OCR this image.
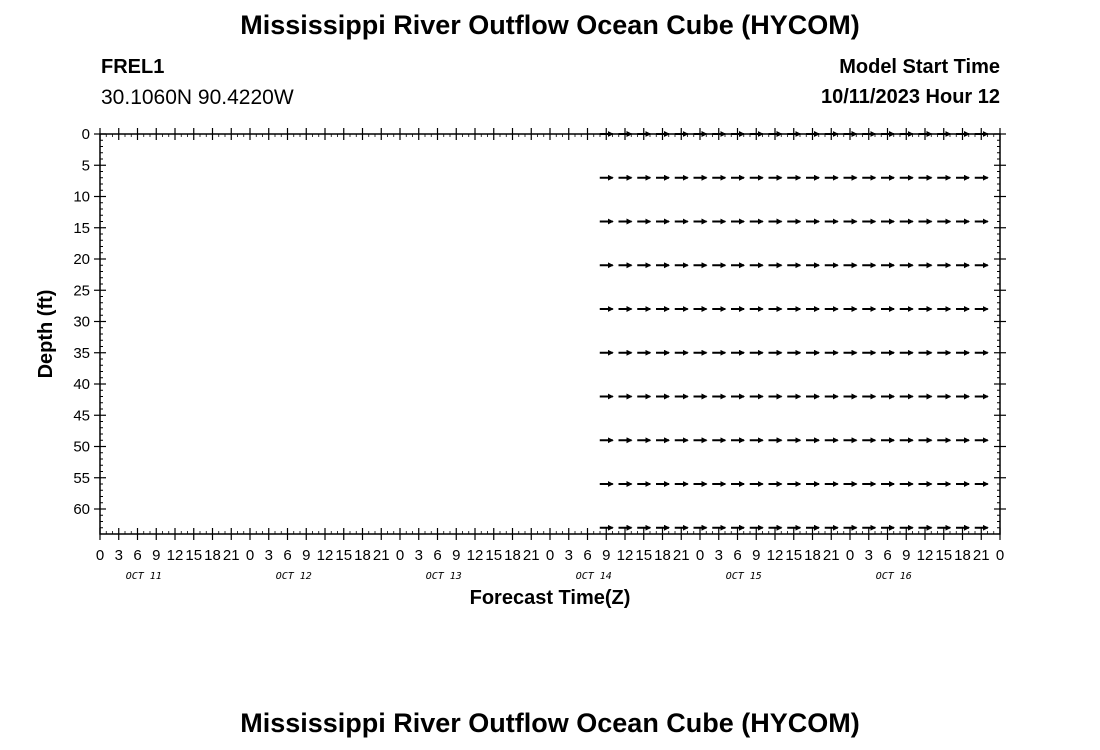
Mississippi River Outflow Ocean Cube (HYCOM)
FREL1
30.1060N 90.4220W
Model Start Time
10/11/2023 Hour 12
0
5
10
15
20
25
30
35
40
45
50
55
60
0 3 6 9 12 15 18 21 0 3 6 9 12 15 18 21 0 3 6 9 12 15 18 21 0 3 6 9 12 15 18 21 0 3 6 9 12 15 18 21 0 3 6 9 12 15 18 21 0
OCT 11	OCT 12	OCT 13	OCT 14	OCT 15	OCT 16
Forecast Time(Z)
Depth (ft)
Mississippi River Outflow Ocean Cube (HYCOM)
